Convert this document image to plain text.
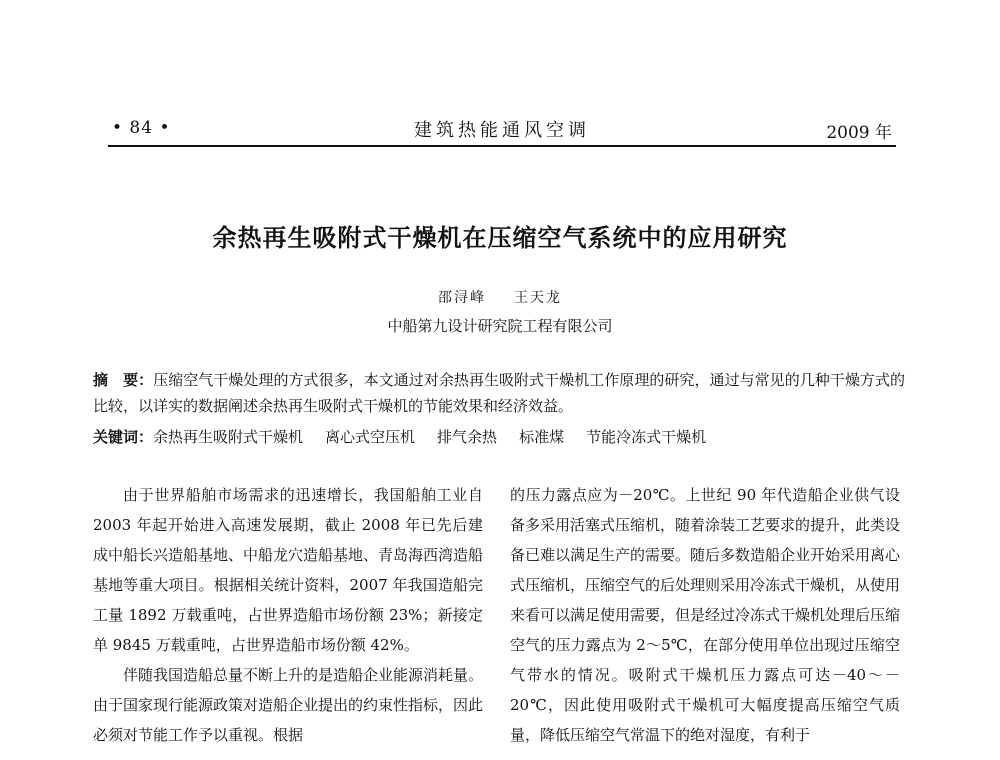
• 84 •	建筑热能通风空调	2009 年
余热再生吸附式干燥机在压缩空气系统中的应用研究
邵浔峰 王天龙
中船第九设计研究院工程有限公司
摘　要：压缩空气干燥处理的方式很多，本文通过对余热再生吸附式干燥机工作原理的研究，通过与常见的几种干燥方式的比较，以详实的数据阐述余热再生吸附式干燥机的节能效果和经济效益。
关键词：余热再生吸附式干燥机 离心式空压机 排气余热 标准煤 节能冷冻式干燥机

由于世界船舶市场需求的迅速增长，我国船舶工业自 2003 年起开始进入高速发展期，截止 2008 年已先后建成中船长兴造船基地、中船龙穴造船基地、青岛海西湾造船基地等重大项目。根据相关统计资料，2007 年我国造船完工量 1892 万载重吨，占世界造船市场份额 23%；新接定单 9845 万载重吨，占世界造船市场份额 42%。

伴随我国造船总量不断上升的是造船企业能源消耗量。由于国家现行能源政策对造船企业提出的约束性指标，因此必须对节能工作予以重视。根据

的压力露点应为－20℃。上世纪 90 年代造船企业供气设备多采用活塞式压缩机，随着涂装工艺要求的提升，此类设备已难以满足生产的需要。随后多数造船企业开始采用离心式压缩机，压缩空气的后处理则采用冷冻式干燥机，从使用来看可以满足使用需要，但是经过冷冻式干燥机处理后压缩空气的压力露点为 2～5℃，在部分使用单位出现过压缩空气带水的情况。吸附式干燥机压力露点可达－40～－20℃，因此使用吸附式干燥机可大幅度提高压缩空气质量，降低压缩空气常温下的绝对湿度，有利于
